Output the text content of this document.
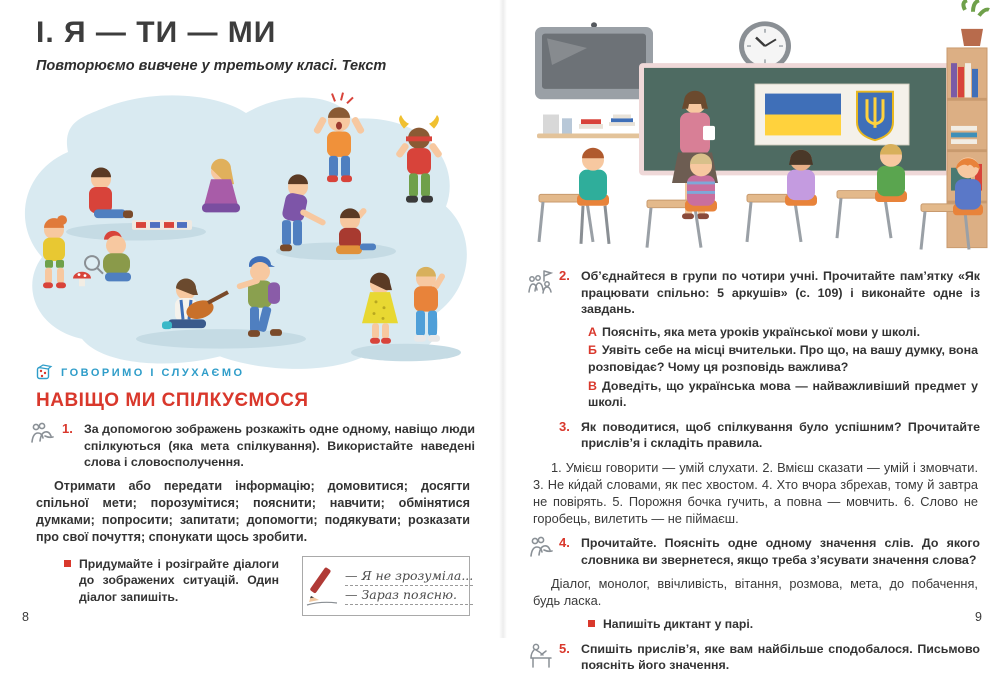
І. Я — ТИ — МИ
Повторюємо вивчене у третьому класі. Текст
ГОВОРИМО І СЛУХАЄМО
НАВІЩО МИ СПІЛКУЄМОСЯ
1. За допомогою зображень розкажіть одне одному, навіщо люди спілкуються (яка мета спілкування). Використайте наведені слова і словосполучення.

Отримати або передати інформацію; домовитися; досягти спільної мети; порозумітися; пояснити; навчити; обмінятися думками; попросити; запитати; допомогти; подякувати; розказати про свої почуття; спонукати щось зробити.

Придумайте і розіграйте діалоги до зображених ситуацій. Один діалог запишіть.
— Я не зрозуміла...
— Зараз поясню.
8
2. Об’єднайтеся в групи по чотири учні. Прочитайте пам’ятку «Як працювати спільно: 5 аркушів» (с. 109) і виконайте одне із завдань.

А Поясніть, яка мета уроків української мови у школі.

Б Уявіть себе на місці вчительки. Про що, на вашу думку, вона розповідає? Чому ця розповідь важлива?

В Доведіть, що українська мова — найважливіший предмет у школі.

3. Як поводитися, щоб спілкування було успішним? Прочитайте прислів’я і складіть правила.

1. Умієш говорити — умій слухати. 2. Вмієш сказати — умій і змовчати. 3. Не ки́дай словами, як пес хвостом. 4. Хто вчора збрехав, тому й завтра не повірять. 5. Порожня бочка гучить, а повна — мовчить. 6. Слово не горобець, вилетить — не піймаєш.

4. Прочитайте. Поясніть одне одному значення слів. До якого словника ви звернетеся, якщо треба з’ясувати значення слова?

Діалог, монолог, ввічливість, вітання, розмова, мета, до побачення, будь ласка.

Напишіть диктант у парі.
5. Спишіть прислів’я, яке вам найбільше сподобалося. Письмово поясніть його значення.
9
